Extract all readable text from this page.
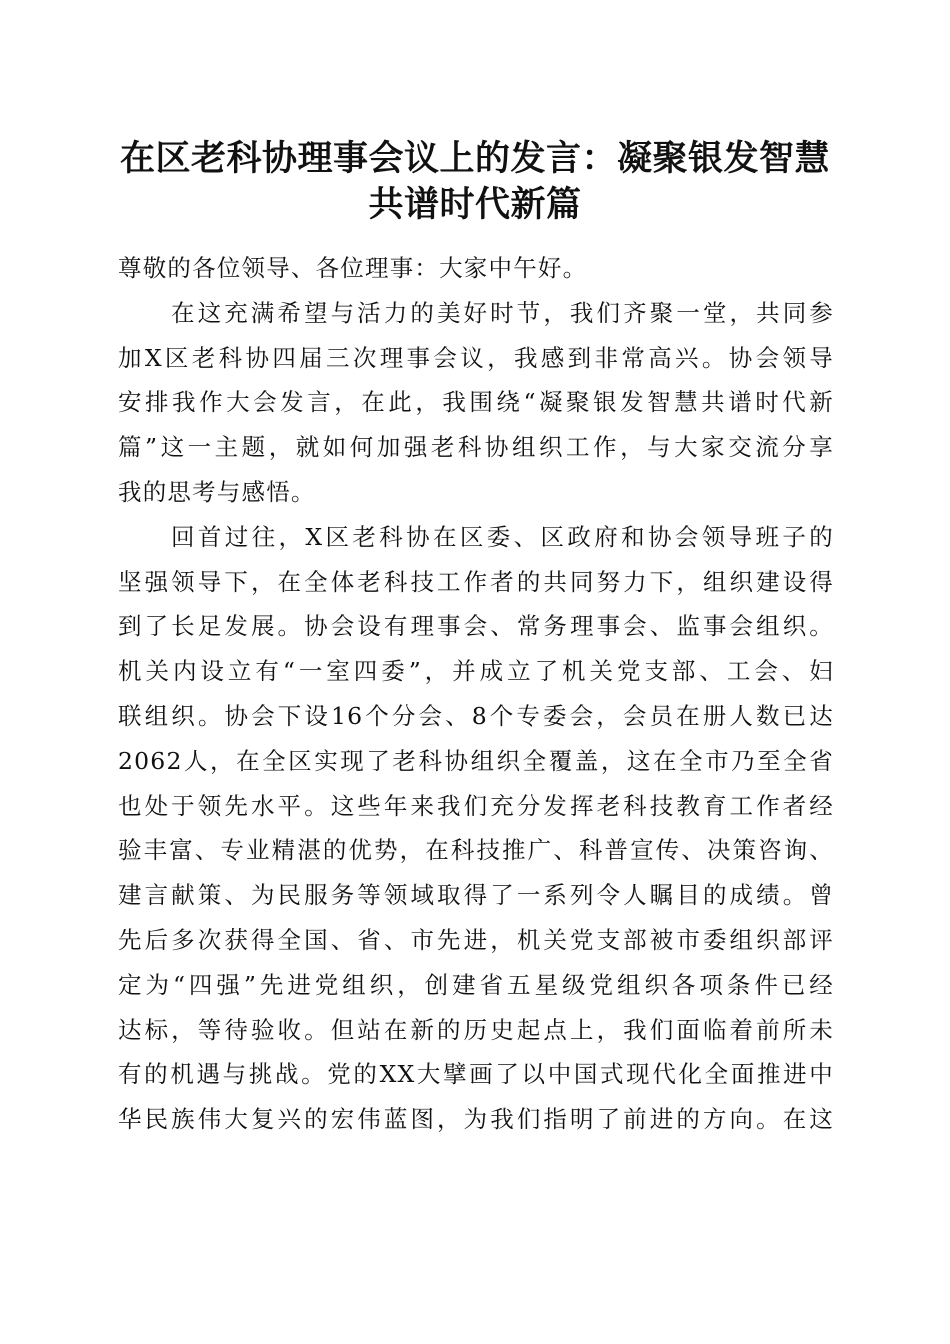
在区老科协理事会议上的发言：凝聚银发智慧
共谱时代新篇
尊敬的各位领导、各位理事：大家中午好。
在这充满希望与活力的美好时节，我们齐聚一堂，共同参
加X区老科协四届三次理事会议，我感到非常高兴。协会领导
安排我作大会发言，在此，我围绕“凝聚银发智慧共谱时代新
篇”这一主题，就如何加强老科协组织工作，与大家交流分享
我的思考与感悟。
回首过往，X区老科协在区委、区政府和协会领导班子的
坚强领导下，在全体老科技工作者的共同努力下，组织建设得
到了长足发展。协会设有理事会、常务理事会、监事会组织。
机关内设立有“一室四委”，并成立了机关党支部、工会、妇
联组织。协会下设16个分会、8个专委会，会员在册人数已达
2062人，在全区实现了老科协组织全覆盖，这在全市乃至全省
也处于领先水平。这些年来我们充分发挥老科技教育工作者经
验丰富、专业精湛的优势，在科技推广、科普宣传、决策咨询、
建言献策、为民服务等领域取得了一系列令人瞩目的成绩。曾
先后多次获得全国、省、市先进，机关党支部被市委组织部评
定为“四强”先进党组织，创建省五星级党组织各项条件已经
达标，等待验收。但站在新的历史起点上，我们面临着前所未
有的机遇与挑战。党的XX大擘画了以中国式现代化全面推进中
华民族伟大复兴的宏伟蓝图，为我们指明了前进的方向。在这
